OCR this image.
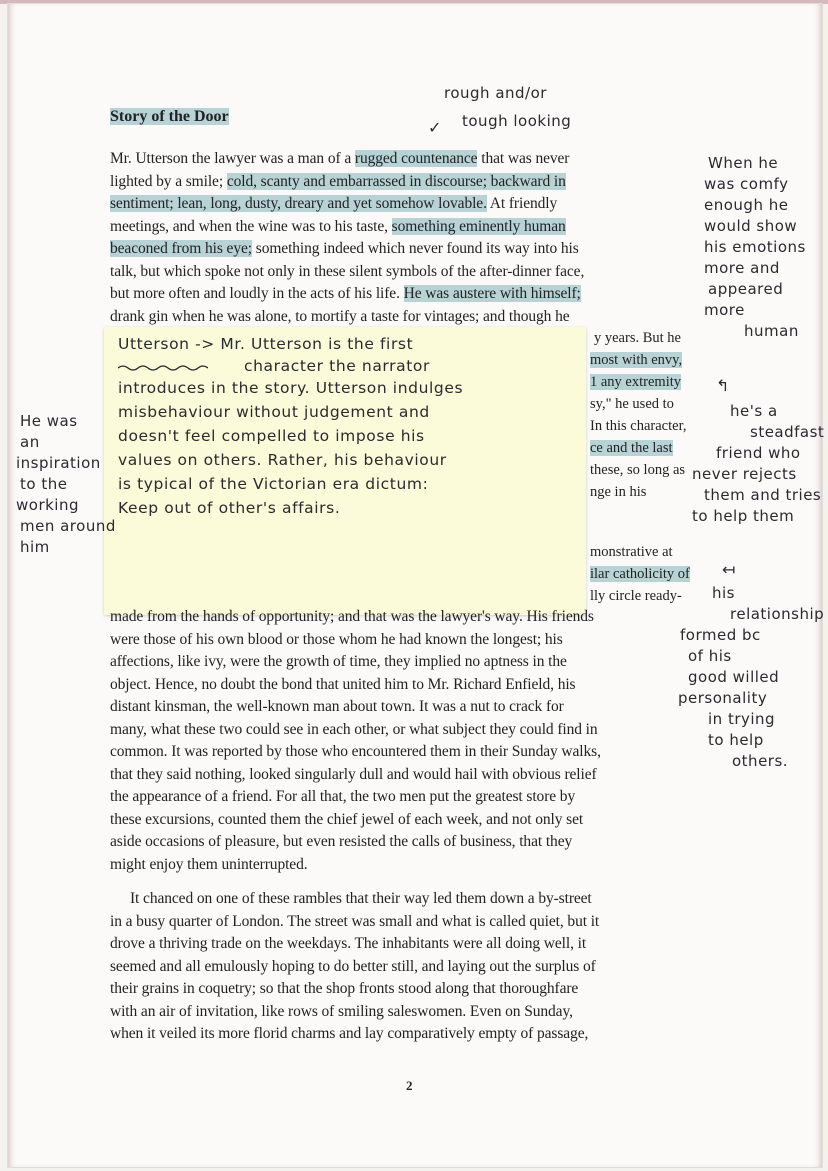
Story of the Door
Mr. Utterson the lawyer was a man of a rugged countenance that was never
lighted by a smile; cold, scanty and embarrassed in discourse; backward in
sentiment; lean, long, dusty, dreary and yet somehow lovable. At friendly
meetings, and when the wine was to his taste, something eminently human
beaconed from his eye; something indeed which never found its way into his
talk, but which spoke not only in these silent symbols of the after-dinner face,
but more often and loudly in the acts of his life. He was austere with himself;
drank gin when he was alone, to mortify a taste for vintages; and though he
Utterson -> Mr. Utterson is the first
character the narrator
introduces in the story. Utterson indulges
misbehaviour without judgement and
doesn't feel compelled to impose his
values on others. Rather, his behaviour
is typical of the Victorian era dictum:
Keep out of other's affairs.
y years. But he
most with envy,
1 any extremity
sy," he used to
In this character,
ce and the last
these, so long as
nge in his
monstrative at
ilar catholicity of
lly circle ready-
made from the hands of opportunity; and that was the lawyer's way. His friends
were those of his own blood or those whom he had known the longest; his
affections, like ivy, were the growth of time, they implied no aptness in the
object. Hence, no doubt the bond that united him to Mr. Richard Enfield, his
distant kinsman, the well-known man about town. It was a nut to crack for
many, what these two could see in each other, or what subject they could find in
common. It was reported by those who encountered them in their Sunday walks,
that they said nothing, looked singularly dull and would hail with obvious relief
the appearance of a friend. For all that, the two men put the greatest store by
these excursions, counted them the chief jewel of each week, and not only set
aside occasions of pleasure, but even resisted the calls of business, that they
might enjoy them uninterrupted.
It chanced on one of these rambles that their way led them down a by-street
in a busy quarter of London. The street was small and what is called quiet, but it
drove a thriving trade on the weekdays. The inhabitants were all doing well, it
seemed and all emulously hoping to do better still, and laying out the surplus of
their grains in coquetry; so that the shop fronts stood along that thoroughfare
with an air of invitation, like rows of smiling saleswomen. Even on Sunday,
when it veiled its more florid charms and lay comparatively empty of passage,
2
rough and/or
✓ tough looking
When he
was comfy
enough he
would show
his emotions
more and
appeared
more
human
he's a
steadfast
friend who
never rejects
them and tries
to help them
his
relationship
formed bc
of his
good willed
personality
in trying
to help
others.
He was
an
inspiration
to the
working
men around
him
↰
↤
